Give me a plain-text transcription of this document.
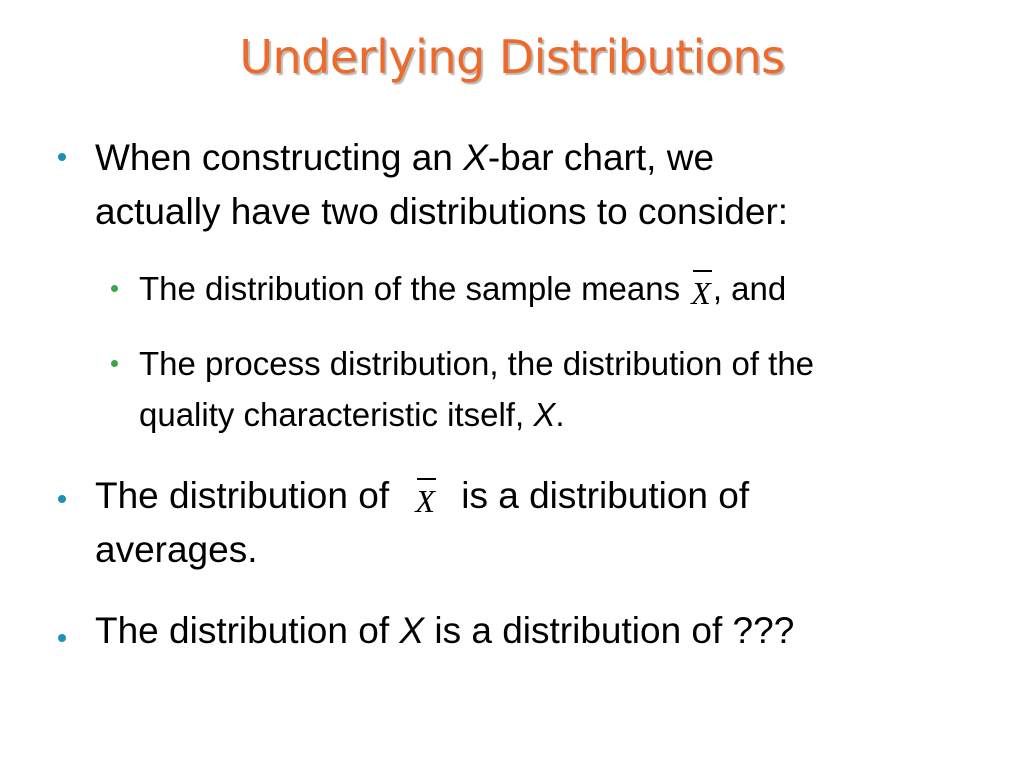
Underlying Distributions
When constructing an X-bar chart, we
actually have two distributions to consider:
The distribution of the sample means
X, and
The process distribution, the distribution of the
quality characteristic itself, X.
The distribution of
X is a distribution of
averages.
The distribution of X is a distribution of ???
